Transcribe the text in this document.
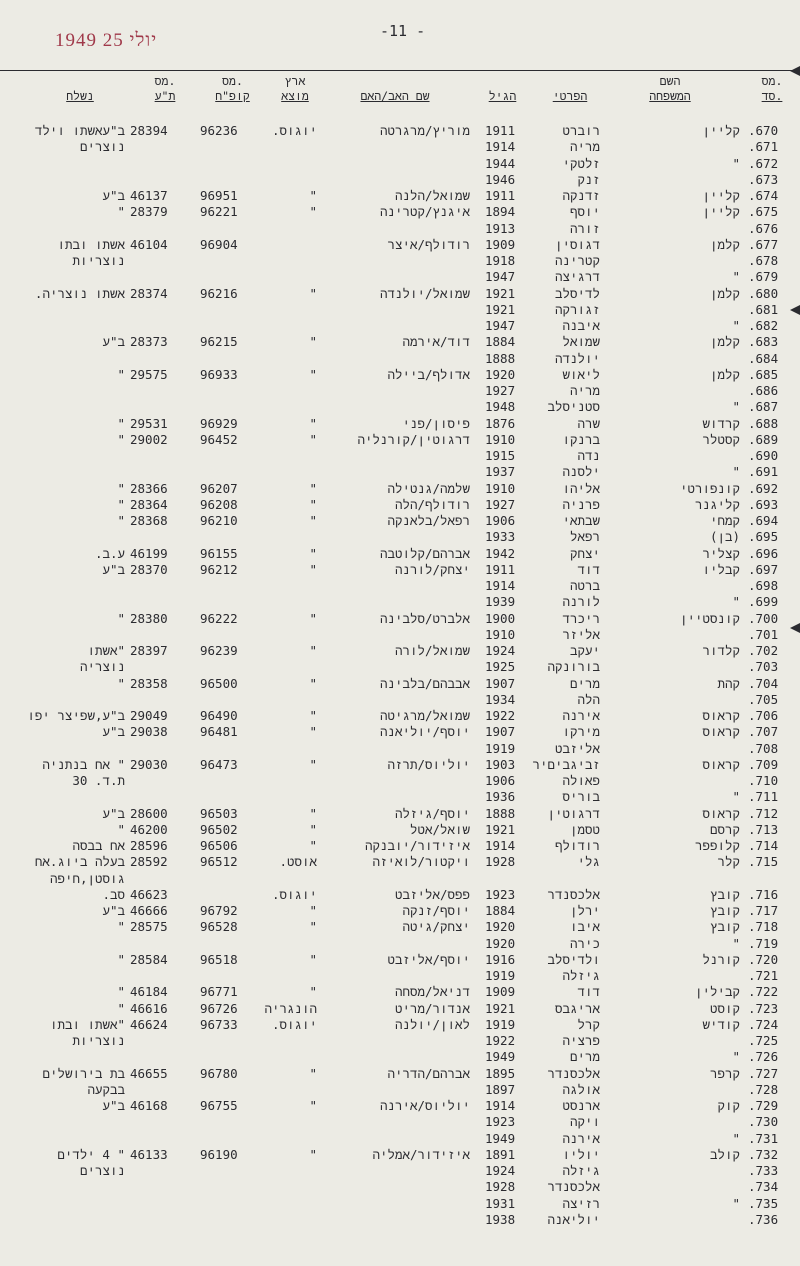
1949 יולי 25	-11 -
מס.
סד.
השם
המשפחה

הפרטי

הגיל

שם האב/האם
ארץ
מוצא
מס.
קופ"ח
מס.
ת"ע

נשלח
.670
קליין
רוברט
1911
מוריץ/מרגרטה
יוגוס.
96236
28394
ב"עאשתו וילד
.671
מריה
1914
נוצרים
.672
"
זלטקי
1944
.673
זנק
1946
.674
קליין
זדנקה
1911
שמואל/הלנה
"
96951
46137
ב"ע
.675
קליין
יוסף
1894
איגנץ/קטרינה
"
96221
28379
"
.676
זורה
1913
.677
קלמן
דגוסין
1909
רודולף/איצר
96904
46104
אשתו ובתו
.678
קטרינה
1918
נוצריות
.679
"
דרגיצה
1947
.680
קלמן
לדיסלב
1921
שמואל/יולנדה
"
96216
28374
אשתו נוצריה.
.681
זגורקה
1921
.682
"
איבנה
1947
.683
קלמן
שמואל
1884
דוד/אירמה
"
96215
28373
ב"ע
.684
יולנדה
1888
.685
קלמן
ליאוש
1920
אדולף/ביילה
"
96933
29575
"
.686
מריה
1927
.687
"
סטניסלב
1948
.688
קרדוש
שרה
1876
פיסון/פני
"
96929
29531
"
.689
קסטלר
ברנקו
1910
דרגוטין/קורנליה
"
96452
29002
"
.690
נדה
1915
.691
"
ילסנה
1937
.692
קונפורטי
אליהו
1910
שלמה/גנטילה
"
96207
28366
"
.693
קליגנר
פרניה
1927
רודולף/הלה
"
96208
28364
"
.694
קמחי
שבתאי
1906
רפאל/בלאנקה
"
96210
28368
"
.695
(בן)
רפאל
1933
.696
קצליר
יצחק
1942
אברהם/קלוטבה
"
96155
46199
ע.ב.
.697
קבליו
דוד
1911
יצחק/לורנה
"
96212
28370
ב"ע
.698
ברטה
1914
.699
"
לורנה
1939
.700
קונסטיין
ריכרד
1900
אלברט/סלבינה
"
96222
28380
"
.701
אליזר
1910
.702
קלדור
יעקב
1924
שמואל/לורה
"
96239
28397
"אשתו
.703
בורונקה
1925
נוצריה
.704
קהת
מרים
1907
אבבהם/בלבינה
"
96500
28358
"
.705
הלה
1934
.706
קראוס
אירנה
1922
שמואל/מרגיטה
"
96490
29049
ב"ע,שפיצר יפו
.707
קראוס
מירקו
1907
יוסף/יוליאנה
"
96481
29038
ב"ע
.708
אליזבט
1919
.709
קראוס
זביגביםיר
1903
יוליוס/תרזה
"
96473
29030
" אח בנתניה
.710
פאולה
1906
ת.ד. 30
.711
"
בוריס
1936
.712
קראוס
דרגוטין
1888
יוסף/גיזלה
"
96503
28600
ב"ע
.713
קרסם
טסמן
1921
שואל/אטל
"
96502
46200
"
.714
קלופפר
רודולף
1914
איזידור/יובנקה
"
96506
28596
אח בבסה
.715
קלר
גלי
1928
ויקטור/לואיזה
אוסט.
96512
28592
בעלה ביוג.אח
גוסטן,חיפה
.716
קובץ
אלכסנדר
1923
פפס/אליזבט
יוגוס.
46623
סב.
.717
קובץ
ירלן
1884
יוסף/זנקה
"
96792
46666
ב"ע
.718
קובץ
איבו
1920
יצחק/גיטה
"
96528
28575
"
.719
"
כירה
1920
.720
קורנל
ולדיסלב
1916
יוסף/אליזבט
"
96518
28584
"
.721
גיזלה
1919
.722
קבילין
דוד
1909
דניאל/מסחה
"
96771
46184
"
.723
קוסט
אריגבס
1921
אנדור/מריט
הונגריה
96726
46616
"
.724
קודיש
קרל
1919
לאון/יולנה
יוגוס.
96733
46624
"אשתו ובתו
.725
פרציה
1922
נוצריות
.726
"
מרים
1949
.727
קרפר
אלכסנדר
1895
אברהם/הדריה
"
96780
46655
בת בירושלים
.728
אולגה
1897
בבקעה
.729
קוק
ארנסט
1914
יוליוס/אירנה
"
96755
46168
ב"ע
.730
ויקה
1923
.731
"
אירנה
1949
.732
קולב
יוליו
1891
איזידור/אמליה
"
96190
46133
" 4 ילדים
.733
גיזלה
1924
נוצרים
.734
אלכסנדר
1928
.735
"
רזיצה
1931
.736
יוליאנה
1938
